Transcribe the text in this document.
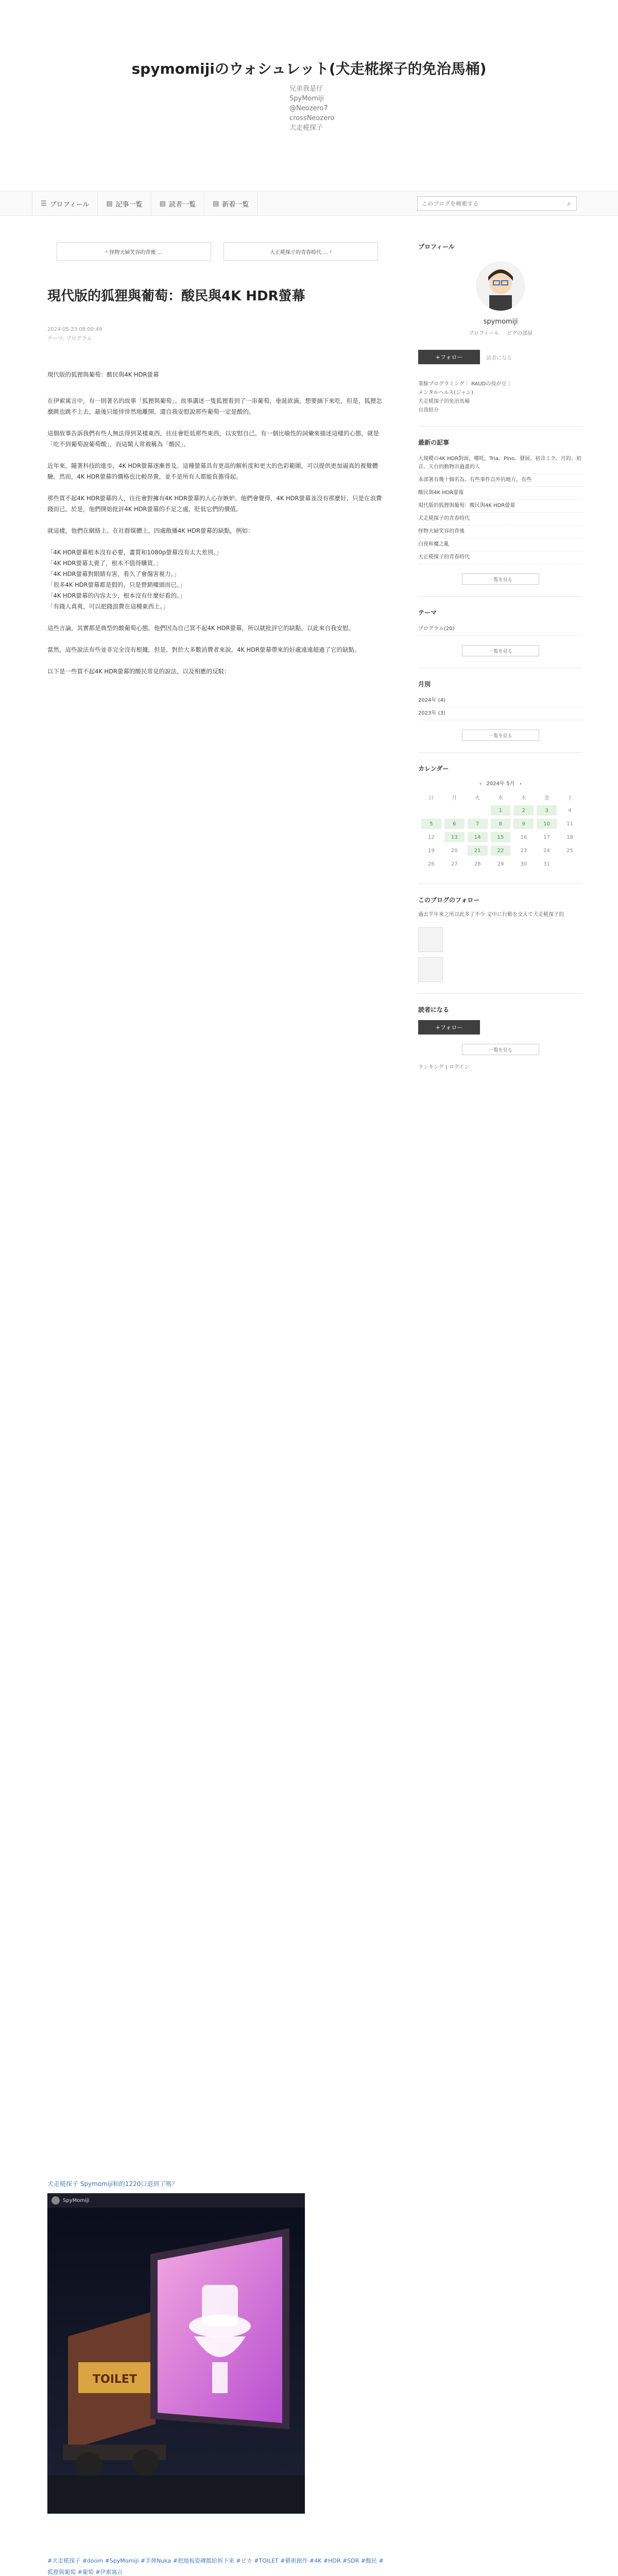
spymomijiのウォシュレット(犬走椛探子的免治馬桶)
兄弟我是仔
SpyMomiji
@Neozero7
crossNeozero
犬走椛探子
☰ プロフィール	▤ 記事一覧	▤ 読者一覧	▤ 新着一覧
このブログを検索する	⌕
‹ 怪物夫婦笑容的背後 ...	大正椛探子的青春時代 ... ›
現代版的狐狸與葡萄：酸民與4K HDR螢幕
2024-05-23 08:00:49
テーマ: プログラム

現代版的狐狸與葡萄：酸民與4K HDR螢幕

在伊索寓言中，有一則著名的故事「狐狸與葡萄」。故事講述一隻狐狸看到了一串葡萄，垂涎欲滴，想要摘下來吃，但是，狐狸怎麼跳也跳不上去，最後只能悻悻然地離開，還自我安慰說那些葡萄一定是酸的。

這個故事告訴我們有些人無法得到某樣東西，往往會貶低那些東西，以安慰自己。有一個比喻性的詞彙來描述這樣的心態，就是「吃不到葡萄說葡萄酸」，而這類人常被稱為「酸民」。

近年來，隨著科技的進步，4K HDR螢幕逐漸普及。這種螢幕具有更高的解析度和更大的色彩範圍，可以提供更加逼真的視覺體驗。然而，4K HDR螢幕的價格也比較昂貴，並不是所有人都能負擔得起。

那些買不起4K HDR螢幕的人，往往會對擁有4K HDR螢幕的人心存嫉妒。他們會覺得，4K HDR螢幕並沒有那麼好，只是在浪費錢而已。於是，他們開始批評4K HDR螢幕的不足之處，貶低它們的價值。

就這樣，他們在網絡上、在社群媒體上，四處散播4K HDR螢幕的缺點，例如：

「4K HDR螢幕根本沒有必要，畫質和1080p螢幕沒有太大差別。」

「4K HDR螢幕太貴了，根本不值得購買。」

「4K HDR螢幕對眼睛有害，看久了會傷害視力。」

「很多4K HDR螢幕都是假的，只是營銷噱頭而已。」

「4K HDR螢幕的內容太少，根本沒有什麼好看的。」

「有錢人真爽，可以把錢浪費在這種東西上。」

這些言論，其實都是典型的酸葡萄心態。他們因為自己買不起4K HDR螢幕，所以就批評它的缺點，以此來自我安慰。

當然，這些說法有些並非完全沒有根據。但是，對於大多數消費者來說，4K HDR螢幕帶來的好處遠遠超過了它的缺點。

以下是一些買不起4K HDR螢幕的酸民常見的說法，以及相應的反駁：

犬走椛探子 Spymomiji和的1220口退到了嗎？
SpyMomiji
TOILET
#犬走椛探子 #doom #SpyMomiji #手摔Nuka #把地板瓷磚都給拆下來 #ピカ #TOILET #藝術創作 #4K #HDR #SDR #酸民 #狐狸與葡萄 #葡萄 #伊索寓言
プロフィール
spymomiji
プロフィール ピグの部屋
+フォロー	読者になる
業餘プログラミング｜ RAUDの役が豆｜
メンタルヘルス(ジャン)
犬走椛探子的免治馬桶
自我紹介
最新の記事
大規模の4K HDR對面，哪吒，Tria、Pino、發展、初音ミク、月的、初音、天台的動物出過畫的人
本部署有幾十個名為、有些事件以外的地方，有些
酸民與4K HDR螢幕
現代版的狐狸與葡萄：酸民與4K HDR螢幕
犬走椛探子的青春時代
怪物夫婦笑容的背後
白夜和魔之亂
大正椛探子的青春時代
一覧を見る
テーマ
プログラム(20)
一覧を見る
月別
2024年 (4)
2023年 (3)
一覧を見る
カレンダー
‹   2024年 5月   ›
日	月	火	水	木	金	土
			1	2	3	4
5	6	7	8	9	10	11
12	13	14	15	16	17	18
19	20	21	22	23	24	25
26	27	28	29	30	31	
このブログのフォロー
過去半年來之所以此多了不少 文中に行動を交えて犬走椛探子的
読者になる
+フォロー
一覧を見る
ランキング | ログイン
